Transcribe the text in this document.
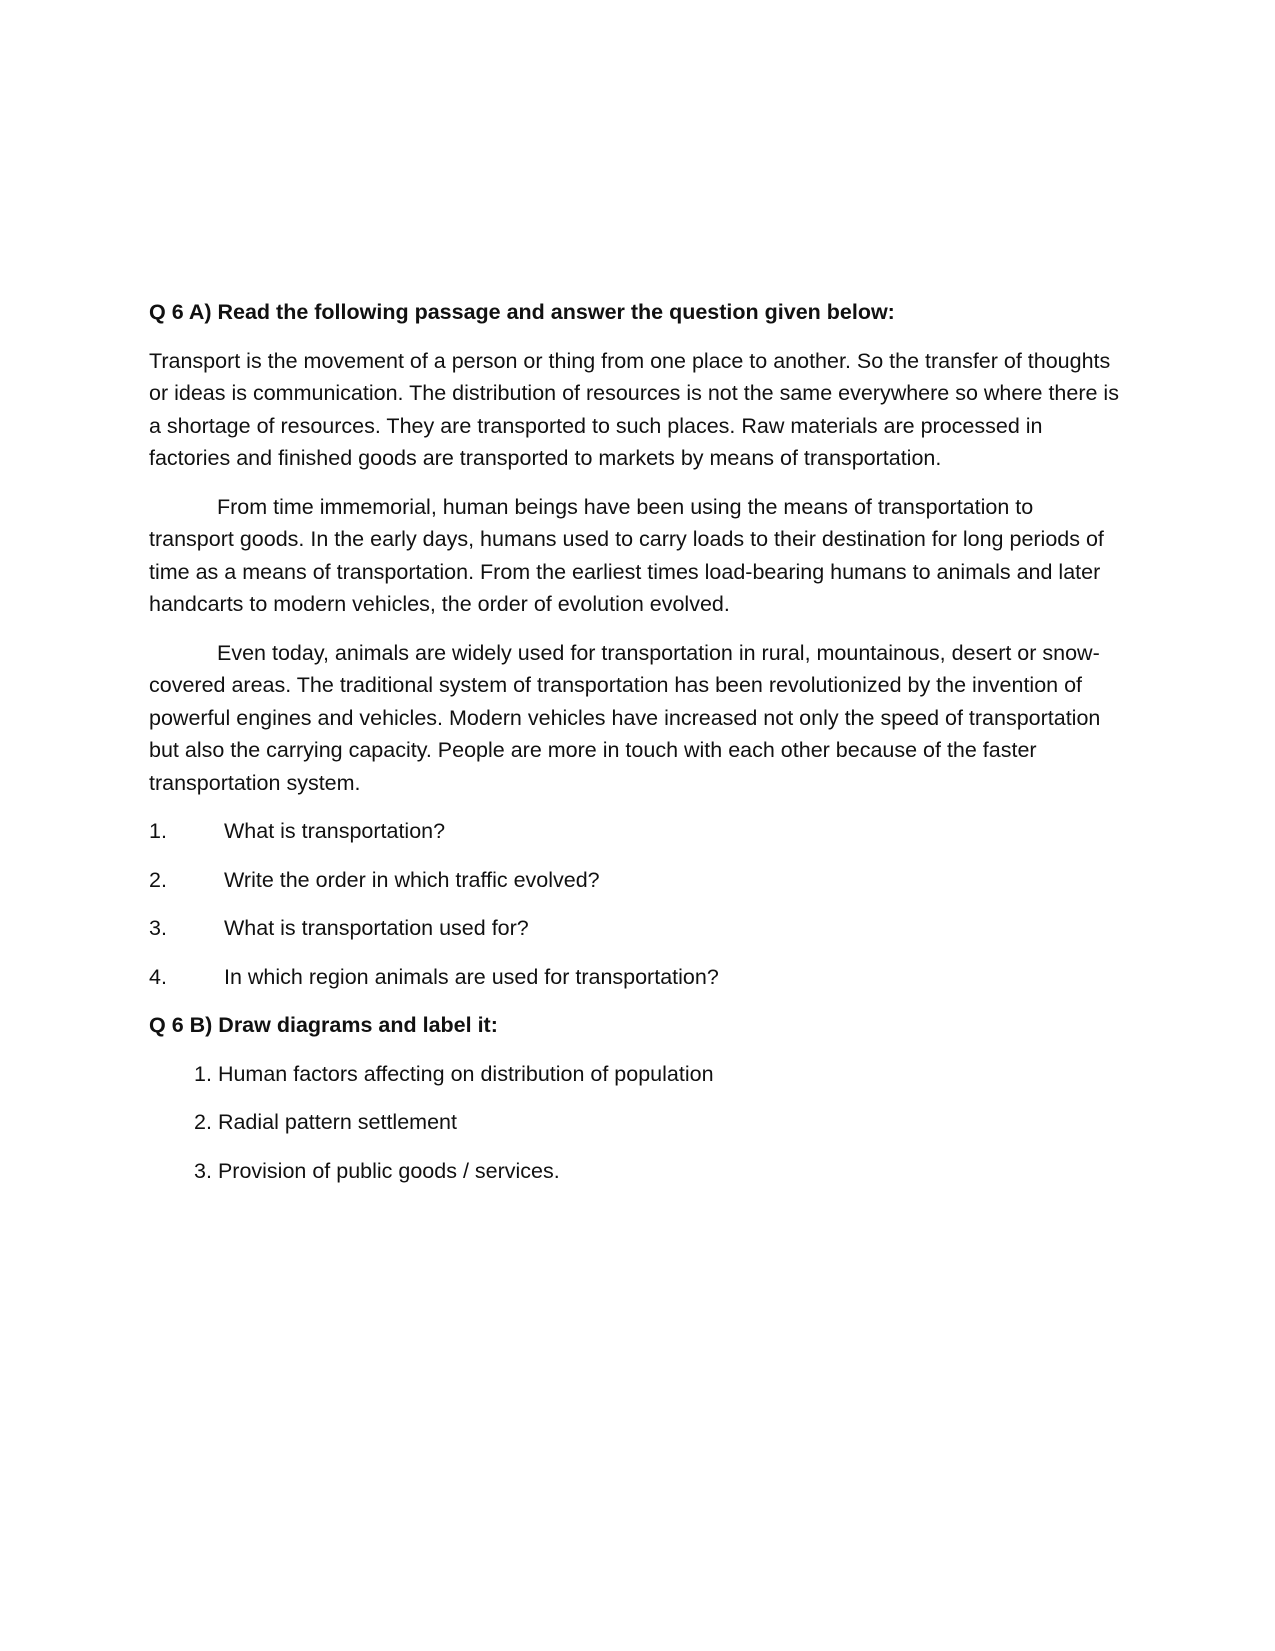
Q 6 A) Read the following passage and answer the question given below:

Transport is the movement of a person or thing from one place to another. So the transfer of thoughts or ideas is communication. The distribution of resources is not the same everywhere so where there is a shortage of resources. They are transported to such places. Raw materials are processed in factories and finished goods are transported to markets by means of transportation.

From time immemorial, human beings have been using the means of transportation to transport goods. In the early days, humans used to carry loads to their destination for long periods of time as a means of transportation. From the earliest times load-bearing humans to animals and later handcarts to modern vehicles, the order of evolution evolved.

Even today, animals are widely used for transportation in rural, mountainous, desert or snow-covered areas. The traditional system of transportation has been revolutionized by the invention of powerful engines and vehicles. Modern vehicles have increased not only the speed of transportation but also the carrying capacity. People are more in touch with each other because of the faster transportation system.

1.	What is transportation?
2.	Write the order in which traffic evolved?
3.	What is transportation used for?
4.	In which region animals are used for transportation?

Q 6 B) Draw diagrams and label it:

1. Human factors affecting on distribution of population
2. Radial pattern settlement
3. Provision of public goods / services.
